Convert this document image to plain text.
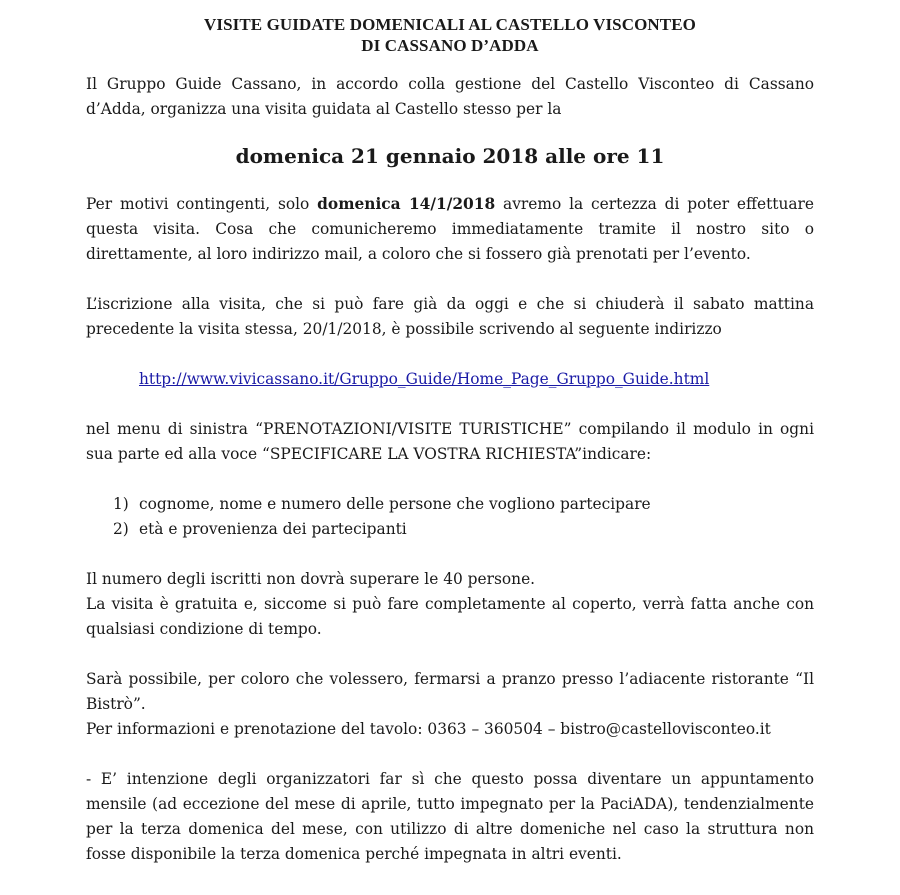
VISITE GUIDATE DOMENICALI AL CASTELLO VISCONTEO

DI CASSANO D’ADDA

Il Gruppo Guide Cassano, in accordo colla gestione del Castello Visconteo di Cassano d’Adda, organizza una visita guidata al Castello stesso per la

domenica 21 gennaio 2018 alle ore 11

Per motivi contingenti, solo domenica 14/1/2018 avremo la certezza di poter effettuare questa visita. Cosa che comunicheremo immediatamente tramite il nostro sito o direttamente, al loro indirizzo mail, a coloro che si fossero già prenotati per l’evento.

L’iscrizione alla visita, che si può fare già da oggi e che si chiuderà il sabato mattina precedente la visita stessa, 20/1/2018, è possibile scrivendo al seguente indirizzo

http://www.vivicassano.it/Gruppo_Guide/Home_Page_Gruppo_Guide.html

nel menu di sinistra “PRENOTAZIONI/VISITE TURISTICHE” compilando il modulo in ogni sua parte ed alla voce “SPECIFICARE LA VOSTRA RICHIESTA”indicare:

1) cognome, nome e numero delle persone che vogliono partecipare
2) età e provenienza dei partecipanti

Il numero degli iscritti non dovrà superare le 40 persone.

La visita è gratuita e, siccome si può fare completamente al coperto, verrà fatta anche con qualsiasi condizione di tempo.

Sarà possibile, per coloro che volessero, fermarsi a pranzo presso l’adiacente ristorante “Il Bistrò”.

Per informazioni e prenotazione del tavolo: 0363 – 360504 – bistro@castellovisconteo.it

- E’ intenzione degli organizzatori far sì che questo possa diventare un appuntamento mensile (ad eccezione del mese di aprile, tutto impegnato per la PaciADA), tendenzialmente per la terza domenica del mese, con utilizzo di altre domeniche nel caso la struttura non fosse disponibile la terza domenica perché impegnata in altri eventi.
